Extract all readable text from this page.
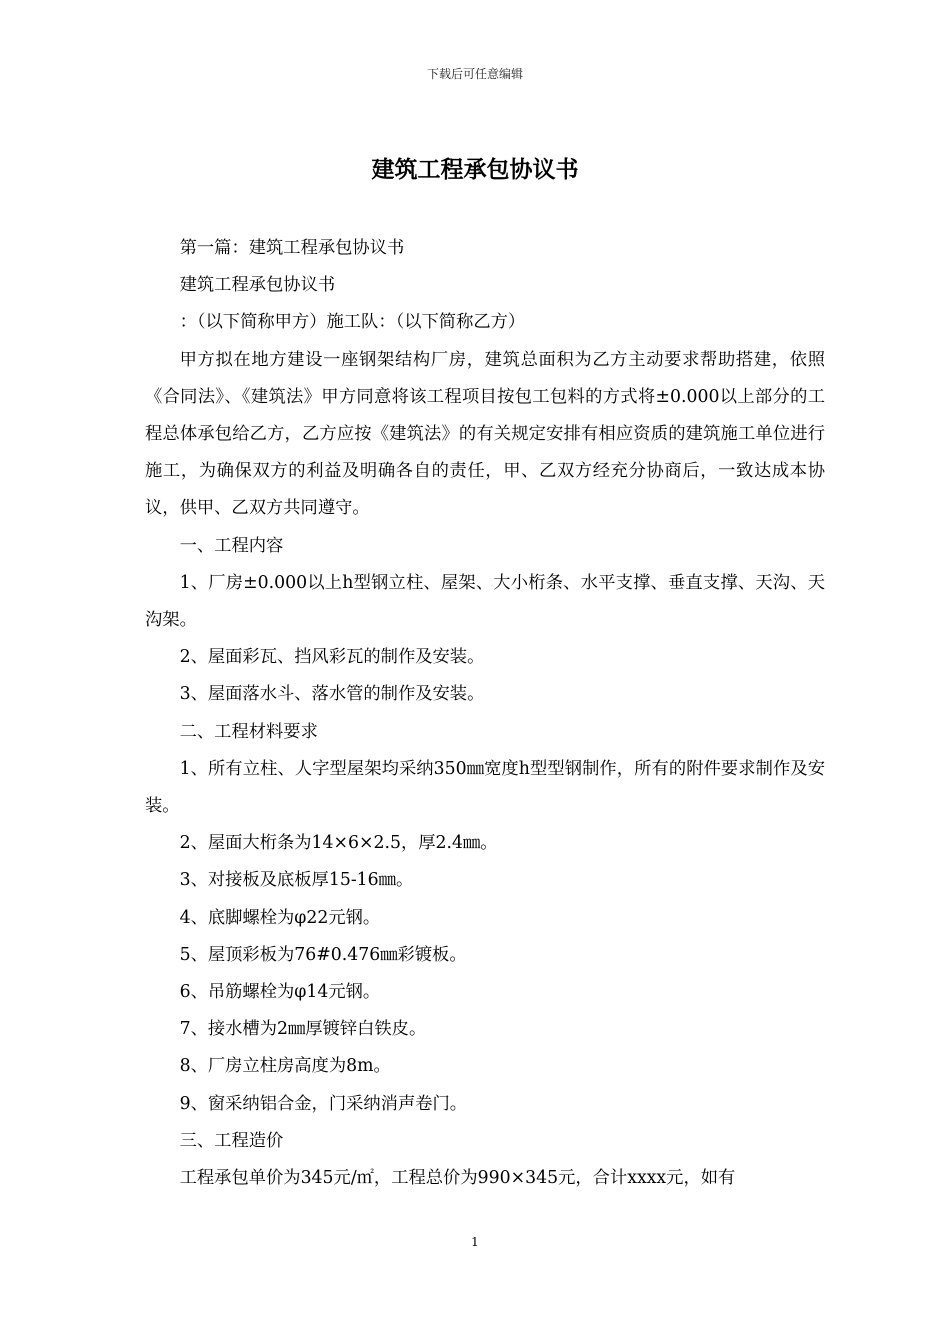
下载后可任意编辑
建筑工程承包协议书

第一篇：建筑工程承包协议书

建筑工程承包协议书

：（以下简称甲方）施工队：（以下简称乙方）

甲方拟在地方建设一座钢架结构厂房，建筑总面积为乙方主动要求帮助搭建，依照《合同法》、《建筑法》甲方同意将该工程项目按包工包料的方式将±0.000以上部分的工程总体承包给乙方，乙方应按《建筑法》的有关规定安排有相应资质的建筑施工单位进行施工，为确保双方的利益及明确各自的责任，甲、乙双方经充分协商后，一致达成本协议，供甲、乙双方共同遵守。

一、工程内容

1、厂房±0.000以上h型钢立柱、屋架、大小桁条、水平支撑、垂直支撑、天沟、天沟架。

2、屋面彩瓦、挡风彩瓦的制作及安装。

3、屋面落水斗、落水管的制作及安装。

二、工程材料要求

1、所有立柱、人字型屋架均采纳350㎜宽度h型型钢制作，所有的附件要求制作及安装。

2、屋面大桁条为14×6×2.5，厚2.4㎜。

3、对接板及底板厚15-16㎜。

4、底脚螺栓为φ22元钢。

5、屋顶彩板为76#0.476㎜彩镀板。

6、吊筋螺栓为φ14元钢。

7、接水槽为2㎜厚镀锌白铁皮。

8、厂房立柱房高度为8m。

9、窗采纳铝合金，门采纳消声卷门。

三、工程造价

工程承包单价为345元/㎡，工程总价为990×345元，合计xxxx元，如有

1
